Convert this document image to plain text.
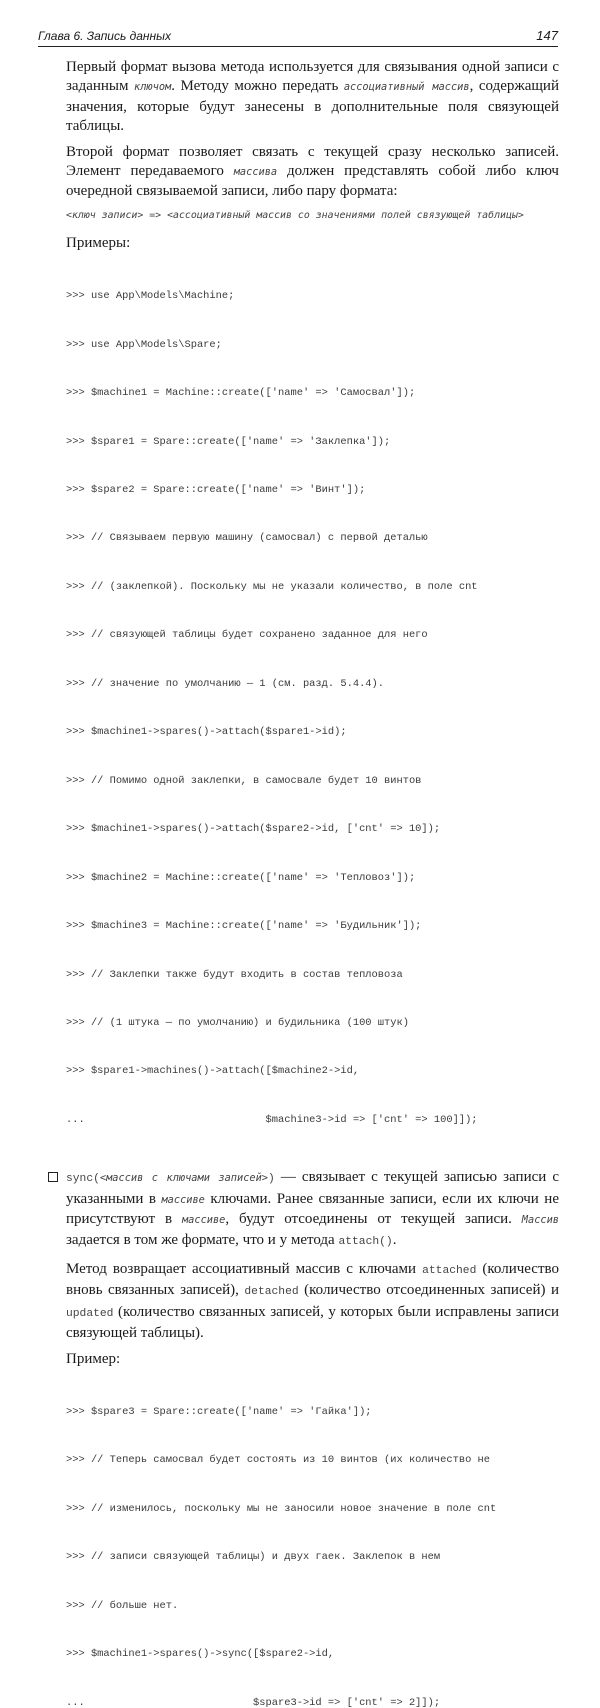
Глава 6. Запись данных	147

Первый формат вызова метода используется для связывания одной записи с заданным ключом. Методу можно передать ассоциативный массив, содержащий значения, которые будут занесены в дополнительные поля связующей таблицы.

Второй формат позволяет связать с текущей сразу несколько записей. Элемент передаваемого массива должен представлять собой либо ключ очередной связываемой записи, либо пару формата:

<ключ записи> => <ассоциативный массив со значениями полей связующей таблицы>
Примеры:

>>> use App\Models\Machine;

>>> use App\Models\Spare;

>>> $machine1 = Machine::create(['name' => 'Самосвал']);

>>> $spare1 = Spare::create(['name' => 'Заклепка']);

>>> $spare2 = Spare::create(['name' => 'Винт']);

>>> // Связываем первую машину (самосвал) с первой деталью

>>> // (заклепкой). Поскольку мы не указали количество, в поле cnt

>>> // связующей таблицы будет сохранено заданное для него

>>> // значение по умолчанию — 1 (см. разд. 5.4.4).

>>> $machine1->spares()->attach($spare1->id);

>>> // Помимо одной заклепки, в самосвале будет 10 винтов

>>> $machine1->spares()->attach($spare2->id, ['cnt' => 10]);

>>> $machine2 = Machine::create(['name' => 'Тепловоз']);

>>> $machine3 = Machine::create(['name' => 'Будильник']);

>>> // Заклепки также будут входить в состав тепловоза

>>> // (1 штука — по умолчанию) и будильника (100 штук)

>>> $spare1->machines()->attach([$machine2->id,

...                             $machine3->id => ['cnt' => 100]]);

sync(<массив с ключами записей>) — связывает с текущей записью записи с указанными в массиве ключами. Ранее связанные записи, если их ключи не присутствуют в массиве, будут отсоединены от текущей записи. Массив задается в том же формате, что и у метода attach().

Метод возвращает ассоциативный массив с ключами attached (количество вновь связанных записей), detached (количество отсоединенных записей) и updated (количество связанных записей, у которых были исправлены записи связующей таблицы).

Пример:

>>> $spare3 = Spare::create(['name' => 'Гайка']);

>>> // Теперь самосвал будет состоять из 10 винтов (их количество не

>>> // изменилось, поскольку мы не заносили новое значение в поле cnt

>>> // записи связующей таблицы) и двух гаек. Заклепок в нем

>>> // больше нет.

>>> $machine1->spares()->sync([$spare2->id,

...                           $spare3->id => ['cnt' => 2]]);
